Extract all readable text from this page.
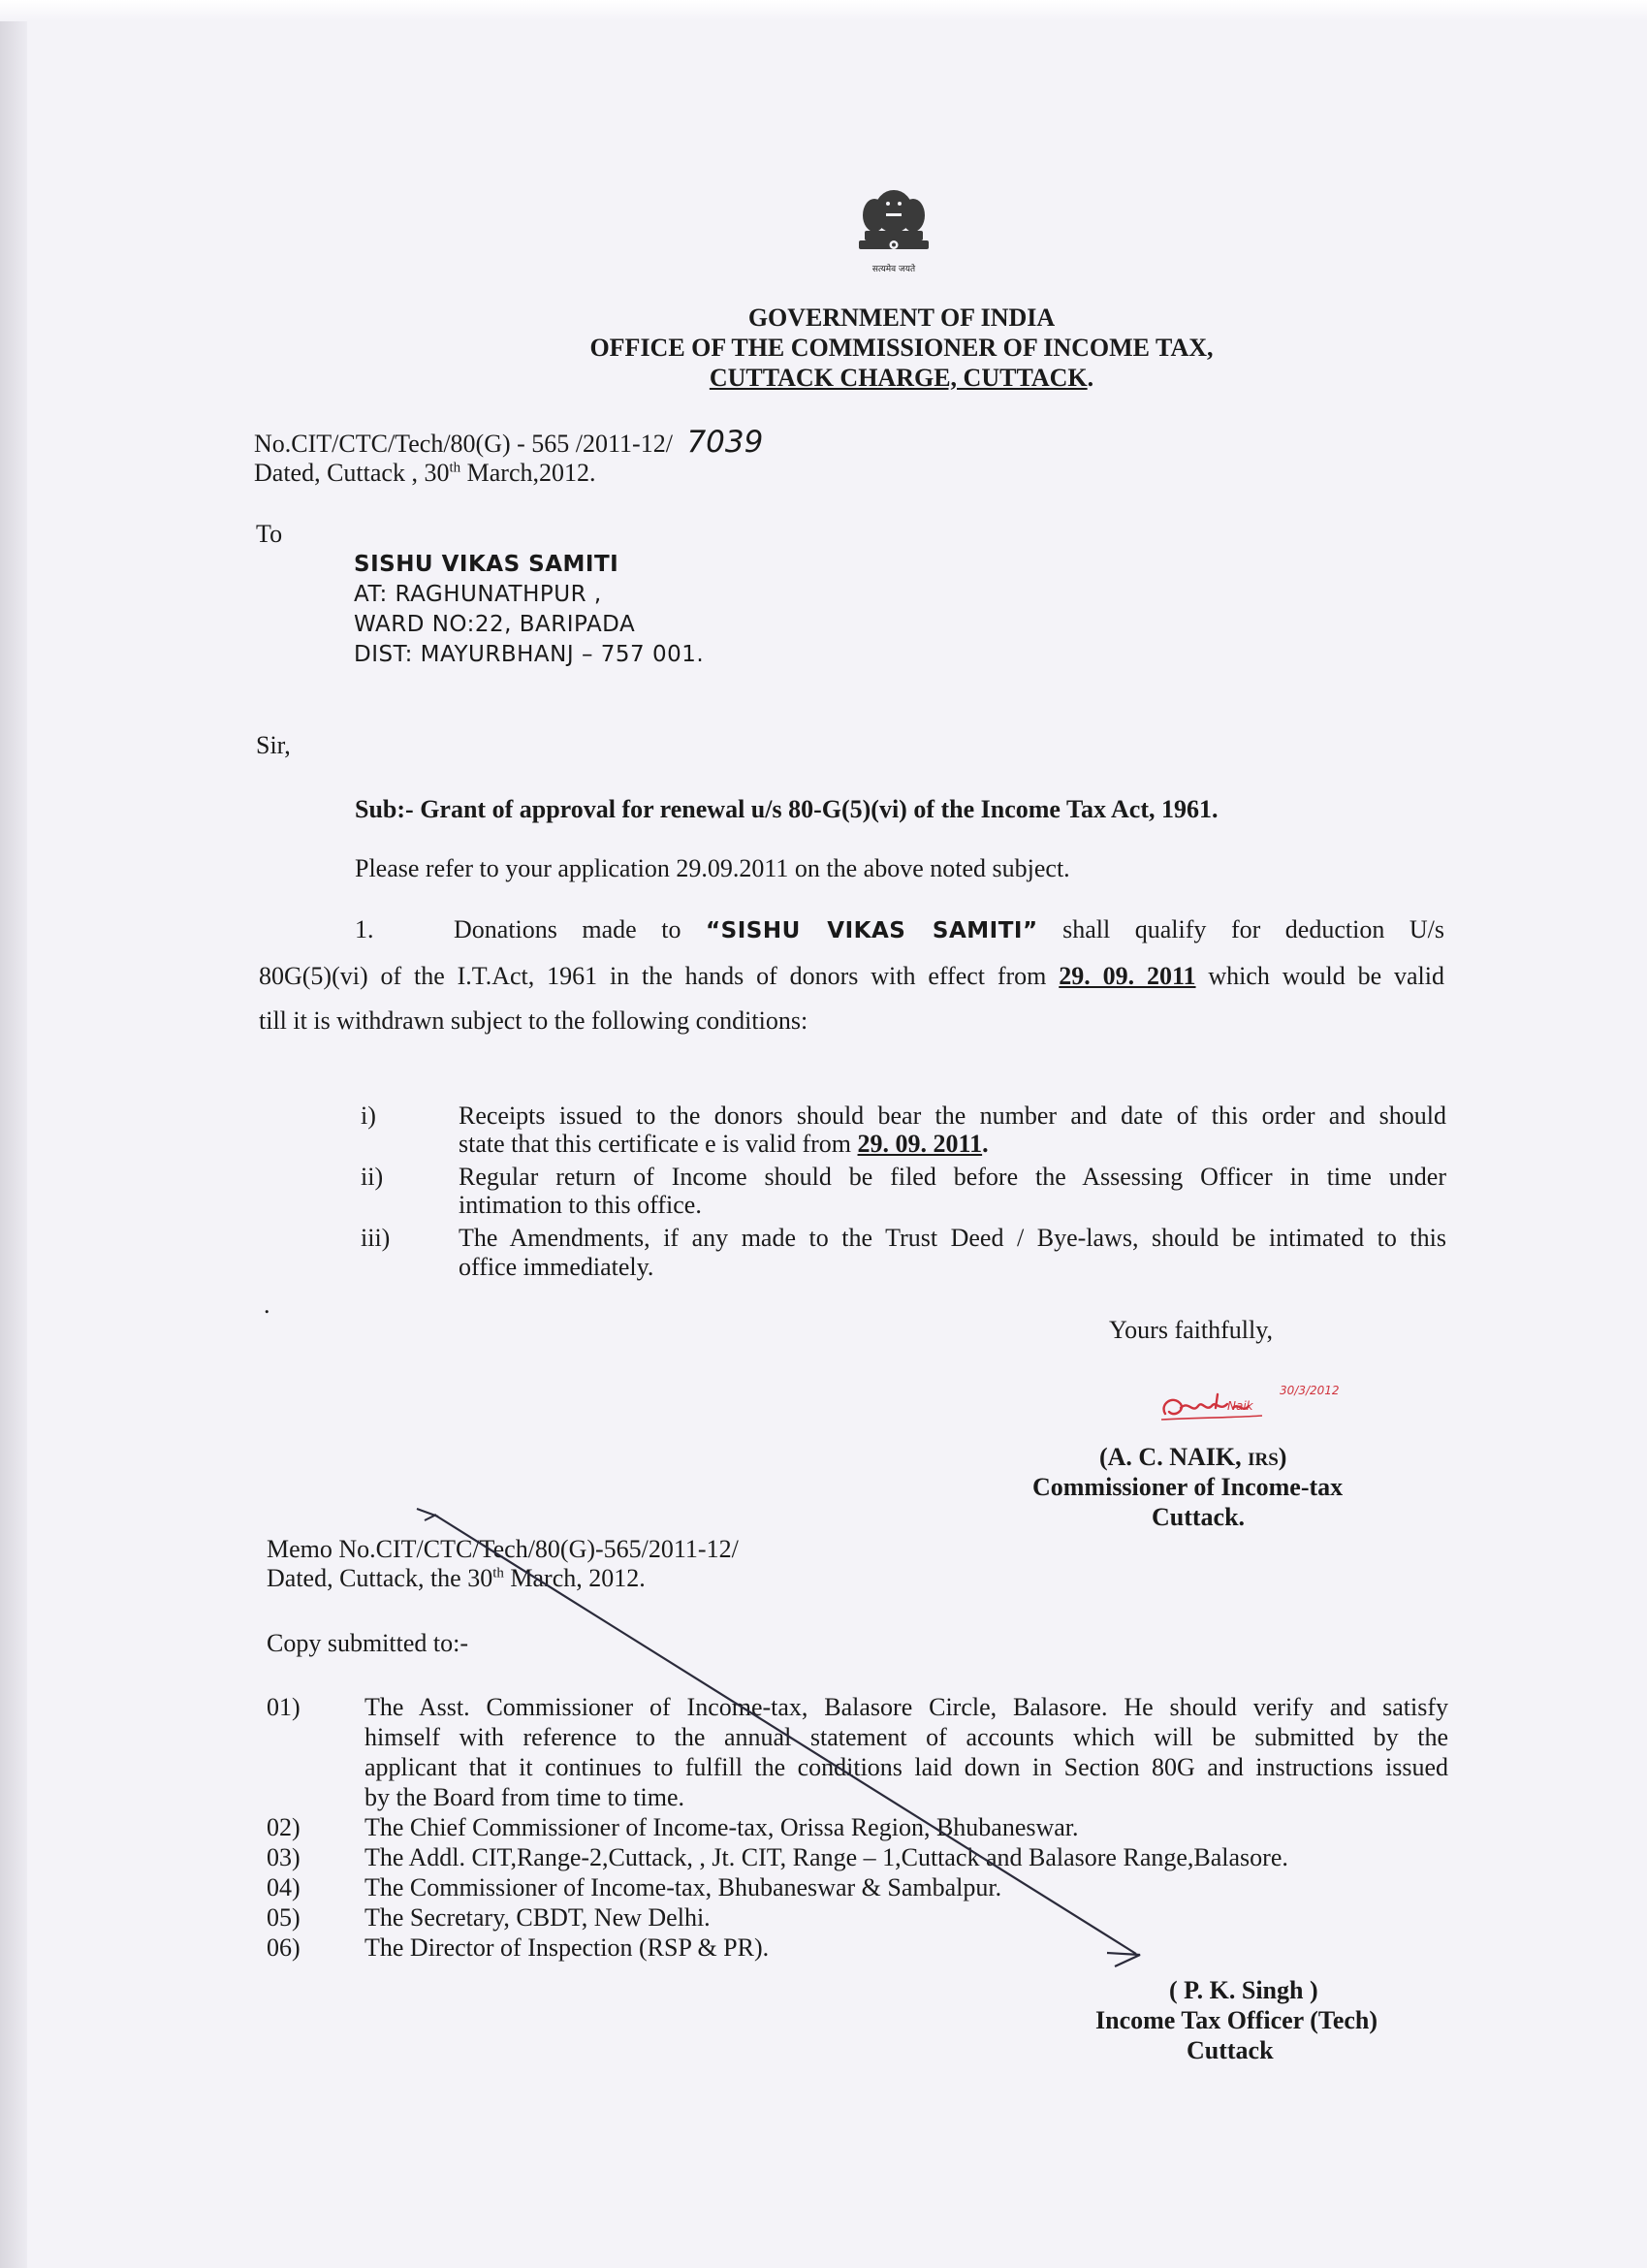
सत्यमेव जयते
GOVERNMENT OF INDIA
OFFICE OF THE COMMISSIONER OF INCOME TAX,
CUTTACK CHARGE, CUTTACK.
No.CIT/CTC/Tech/80(G) - 565 /2011-12/ 7039
Dated, Cuttack , 30th March,2012.
To
SISHU VIKAS SAMITI
AT: RAGHUNATHPUR ,
WARD NO:22, BARIPADA
DIST: MAYURBHANJ – 757 001.
Sir,
Sub:- Grant of approval for renewal u/s 80-G(5)(vi) of the Income Tax Act, 1961.
Please refer to your application 29.09.2011 on the above noted subject.
1.	Donations made to “SISHU VIKAS SAMITI” shall qualify for deduction U/s
80G(5)(vi) of the I.T.Act, 1961 in the hands of donors with effect from 29. 09. 2011 which would be valid
till it is withdrawn subject to the following conditions:
i)	Receipts issued to the donors should bear the number and date of this order and should
state that this certificate e is valid from 29. 09. 2011.
ii)	Regular return of Income should be filed before the Assessing Officer in time under
intimation to this office.
iii)	The Amendments, if any made to the Trust Deed / Bye-laws, should be intimated to this
office immediately.
.
Yours faithfully,
Naik
30/3/2012
(A. C. NAIK, IRS)
Commissioner of Income-tax
Cuttack.
Memo No.CIT/CTC/Tech/80(G)-565/2011-12/
Dated, Cuttack, the 30th March, 2012.
Copy submitted to:-
01)	The Asst. Commissioner of Income-tax, Balasore Circle, Balasore. He should verify and satisfy
himself with reference to the annual statement of accounts which will be submitted by the
applicant that it continues to fulfill the conditions laid down in Section 80G and instructions issued
by the Board from time to time.
02)	The Chief Commissioner of Income-tax, Orissa Region, Bhubaneswar.
03)	The Addl. CIT,Range-2,Cuttack, , Jt. CIT, Range – 1,Cuttack and Balasore Range,Balasore.
04)	The Commissioner of Income-tax, Bhubaneswar & Sambalpur.
05)	The Secretary, CBDT, New Delhi.
06)	The Director of Inspection (RSP & PR).
( P. K. Singh )
Income Tax Officer (Tech)
Cuttack
